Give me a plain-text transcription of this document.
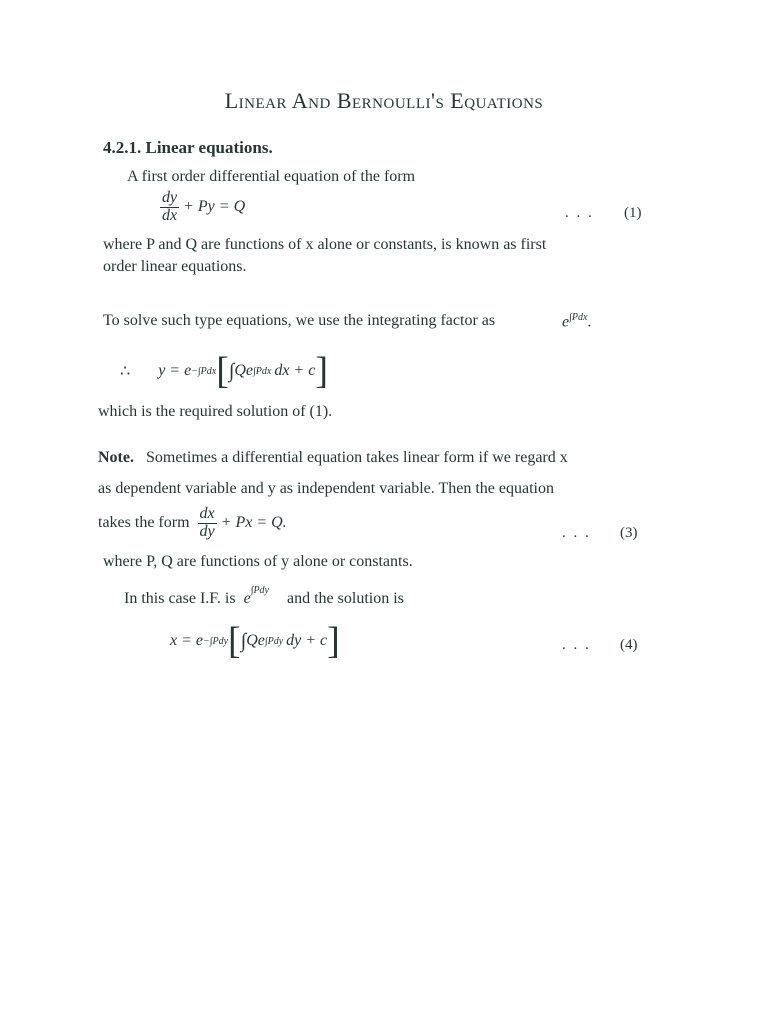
Linear And Bernoulli's Equations
4.2.1. Linear equations.
A first order differential equation of the form
$\frac{dy}{dx} + Py = Q$	. . . (1)
where P and Q are functions of x alone or constants, is known as first
order linear equations.
To solve such type equations, we use the integrating factor as	$e^{\int Pdx}$.
∴ y = e −∫Pdx [ ∫ Qe ∫Pdx dx + c ]
which is the required solution of (1).
Note. Sometimes a differential equation takes linear form if we regard x
as dependent variable and y as independent variable. Then the equation
takes the form $\frac{dx}{dy} + Px = Q$.
. . . (3)
where P, Q are functions of y alone or constants.
In this case I.F. is $e^{\int Pdy}$ and the solution is
x = e −∫Pdy [ ∫ Qe ∫Pdy dy + c ]	. . . (4)
